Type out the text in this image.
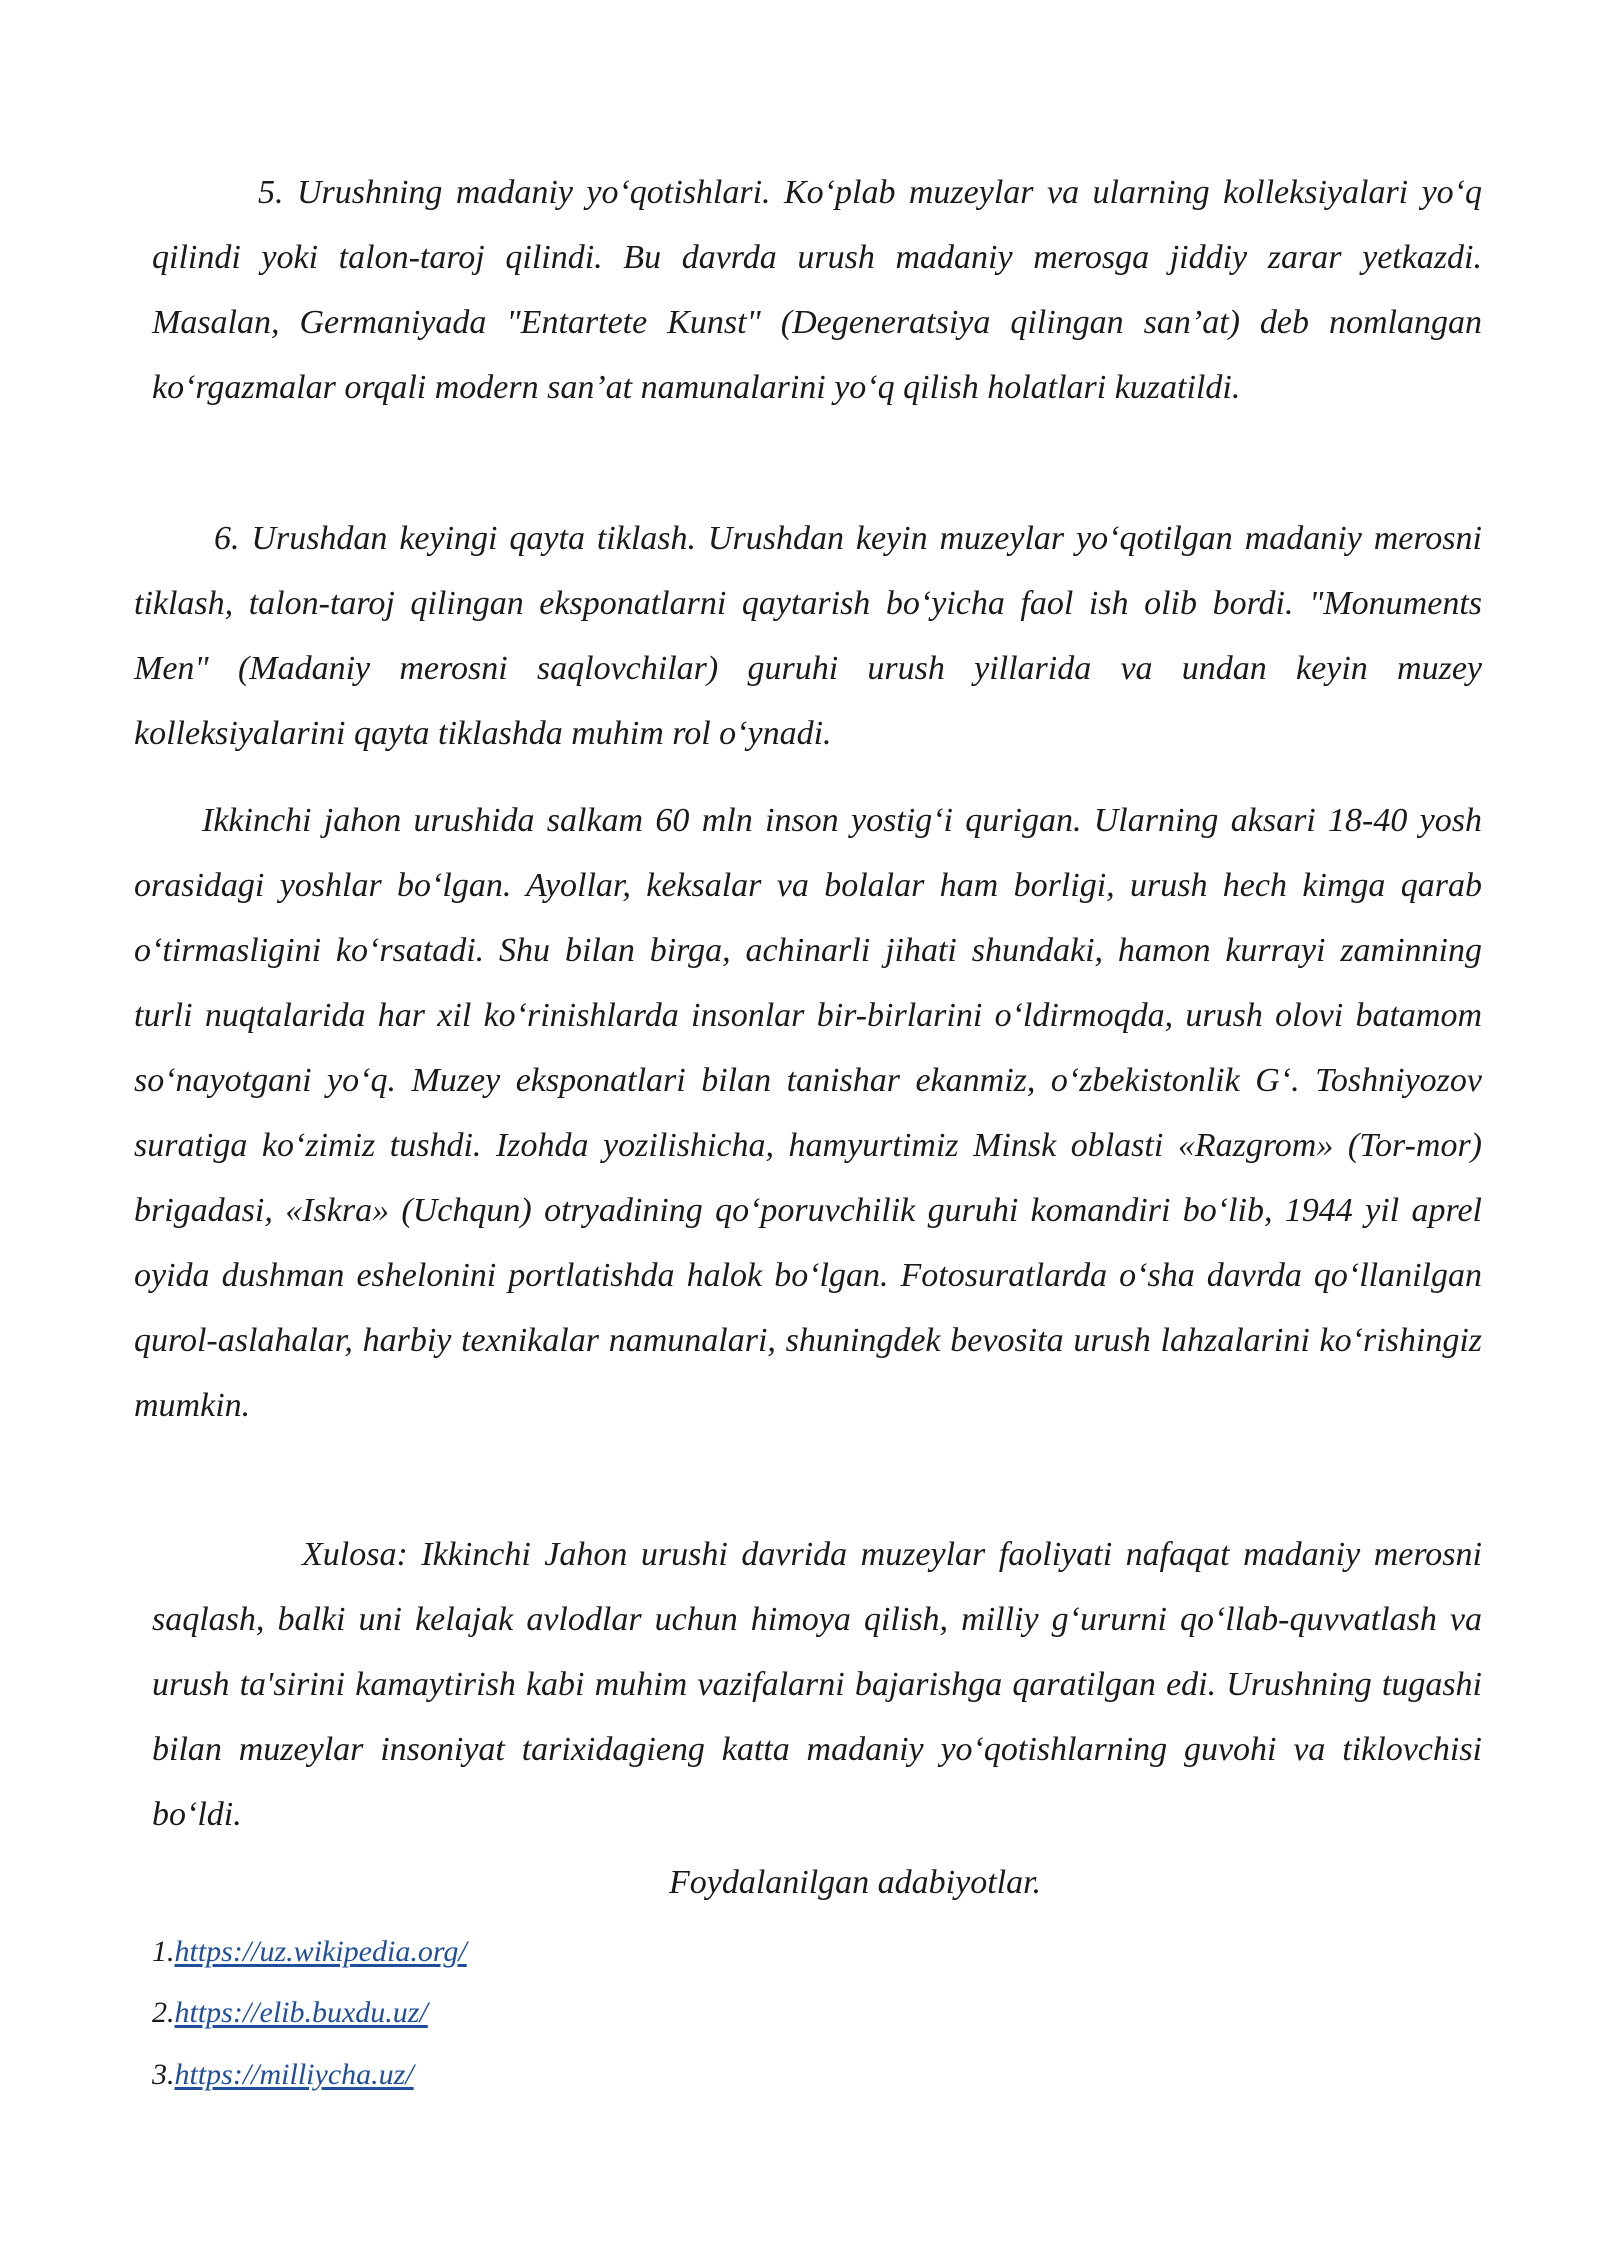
5. Urushning madaniy yo‘qotishlari. Ko‘plab muzeylar va ularning kolleksiyalari yo‘q qilindi yoki talon-taroj qilindi. Bu davrda urush madaniy merosga jiddiy zarar yetkazdi. Masalan, Germaniyada "Entartete Kunst" (Degeneratsiya qilingan san’at) deb nomlangan ko‘rgazmalar orqali modern san’at namunalarini yo‘q qilish holatlari kuzatildi.

6. Urushdan keyingi qayta tiklash. Urushdan keyin muzeylar yo‘qotilgan madaniy merosni tiklash, talon-taroj qilingan eksponatlarni qaytarish bo‘yicha faol ish olib bordi. "Monuments Men" (Madaniy merosni saqlovchilar) guruhi urush yillarida va undan keyin muzey kolleksiyalarini qayta tiklashda muhim rol o‘ynadi.

Ikkinchi jahon urushida salkam 60 mln inson yostig‘i qurigan. Ularning aksari 18-40 yosh orasidagi yoshlar bo‘lgan. Ayollar, keksalar va bolalar ham borligi, urush hech kimga qarab o‘tirmasligini ko‘rsatadi. Shu bilan birga, achinarli jihati shundaki, hamon kurrayi zaminning turli nuqtalarida har xil ko‘rinishlarda insonlar bir-birlarini o‘ldirmoqda, urush olovi batamom so‘nayotgani yo‘q. Muzey eksponatlari bilan tanishar ekanmiz, o‘zbekistonlik G‘. Toshniyozov suratiga ko‘zimiz tushdi. Izohda yozilishicha, hamyurtimiz Minsk oblasti «Razgrom» (Tor-mor) brigadasi, «Iskra» (Uchqun) otryadining qo‘poruvchilik guruhi komandiri bo‘lib, 1944 yil aprel oyida dushman eshelonini portlatishda halok bo‘lgan. Fotosuratlarda o‘sha davrda qo‘llanilgan qurol-aslahalar, harbiy texnikalar namunalari, shuningdek bevosita urush lahzalarini ko‘rishingiz mumkin.

Xulosa: Ikkinchi Jahon urushi davrida muzeylar faoliyati nafaqat madaniy merosni saqlash, balki uni kelajak avlodlar uchun himoya qilish, milliy g‘ururni qo‘llab-quvvatlash va urush ta'sirini kamaytirish kabi muhim vazifalarni bajarishga qaratilgan edi. Urushning tugashi bilan muzeylar insoniyat tarixidagieng katta madaniy yo‘qotishlarning guvohi va tiklovchisi bo‘ldi.

Foydalanilgan adabiyotlar.

1.https://uz.wikipedia.org/

2.https://elib.buxdu.uz/

3.https://milliycha.uz/
